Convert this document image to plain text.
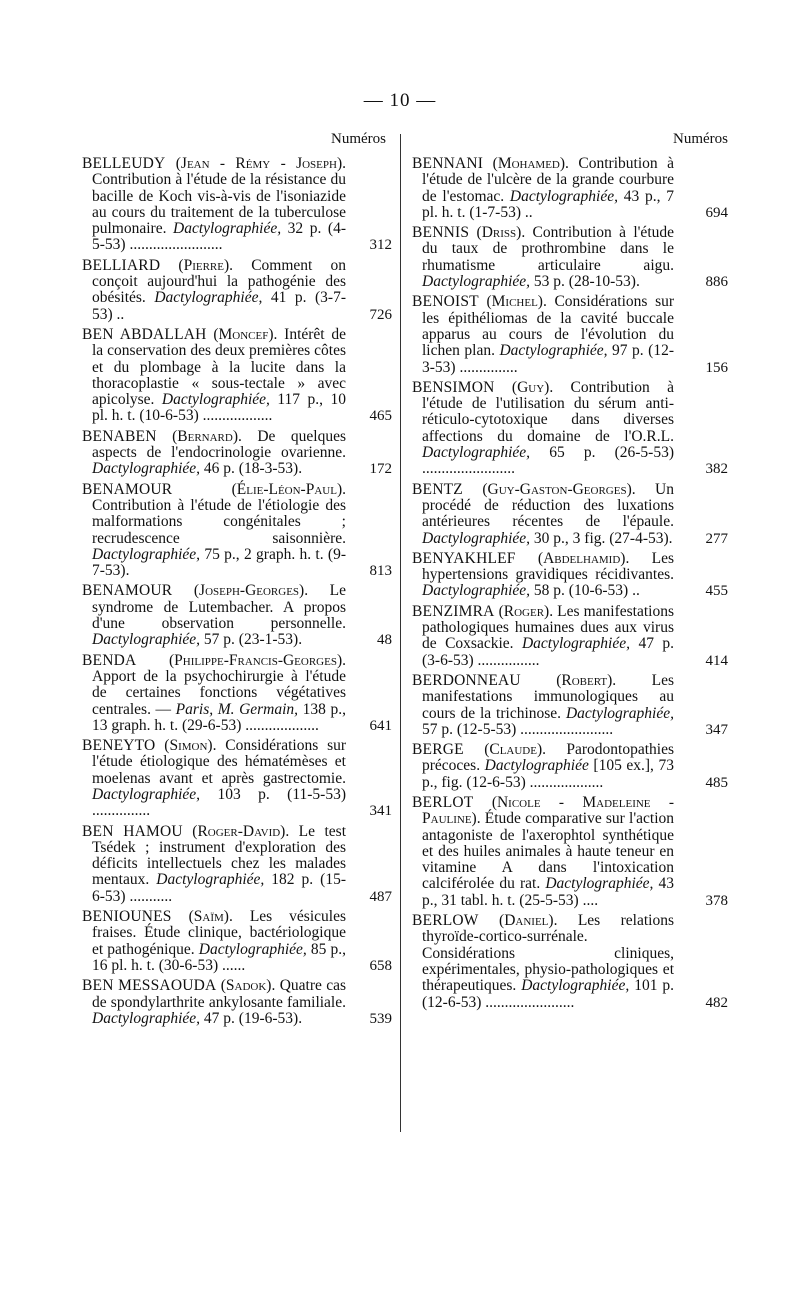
— 10 —
Numéros
BELLEUDY (Jean - Rémy - Joseph). Contribution à l'étude de la résistance du bacille de Koch vis-à-vis de l'isoniazide au cours du traitement de la tuberculose pulmonaire. Dactylographiée, 32 p. (4-5-53) ........................	312
BELLIARD (Pierre). Comment on conçoit aujourd'hui la pathogénie des obésités. Dactylographiée, 41 p. (3-7-53) ..	726
BEN ABDALLAH (Moncef). Intérêt de la conservation des deux premières côtes et du plombage à la lucite dans la thoracoplastie « sous-tectale » avec apicolyse. Dactylographiée, 117 p., 10 pl. h. t. (10-6-53) ..................	465
BENABEN (Bernard). De quelques aspects de l'endocrinologie ovarienne. Dactylographiée, 46 p. (18-3-53).	172
BENAMOUR	(Élie-Léon-Paul). Contribution à l'étude de l'étiologie des malformations congénitales ; recrudescence saisonnière. Dactylographiée, 75 p., 2 graph. h. t. (9-7-53).	813
BENAMOUR (Joseph-Georges). Le syndrome de Lutembacher. A propos d'une observation personnelle. Dactylographiée, 57 p. (23-1-53).	48
BENDA (Philippe-Francis-Georges). Apport de la psychochirurgie à l'étude de certaines fonctions végétatives centrales. — Paris, M. Germain, 138 p., 13 graph. h. t. (29-6-53) ...................	641
BENEYTO (Simon). Considérations sur l'étude étiologique des hématémèses et moelenas avant et après gastrectomie. Dactylographiée, 103 p. (11-5-53) ...............	341
BEN HAMOU (Roger-David). Le test Tsédek ; instrument d'exploration des déficits intellectuels chez les malades mentaux. Dactylographiée, 182 p. (15-6-53) ...........	487
BENIOUNES (Saïm). Les vésicules fraises. Étude clinique, bactériologique et pathogénique. Dactylographiée, 85 p., 16 pl. h. t. (30-6-53) ......	658
BEN MESSAOUDA (Sadok). Quatre cas de spondylarthrite ankylosante familiale. Dactylographiée, 47 p. (19-6-53).	539
Numéros
BENNANI (Mohamed). Contribution à l'étude de l'ulcère de la grande courbure de l'estomac. Dactylographiée, 43 p., 7 pl. h. t. (1-7-53) ..	694
BENNIS (Driss). Contribution à l'étude du taux de prothrombine dans le rhumatisme articulaire aigu. Dactylographiée, 53 p. (28-10-53).	886
BENOIST (Michel). Considérations sur les épithéliomas de la cavité buccale apparus au cours de l'évolution du lichen plan. Dactylographiée, 97 p. (12-3-53) ...............	156
BENSIMON (Guy). Contribution à l'étude de l'utilisation du sérum anti-réticulo-cytotoxique dans diverses affections du domaine de l'O.R.L. Dactylographiée, 65 p. (26-5-53) ........................	382
BENTZ (Guy-Gaston-Georges). Un procédé de réduction des luxations antérieures récentes de l'épaule. Dactylographiée, 30 p., 3 fig. (27-4-53). 277
BENYAKHLEF (Abdelhamid). Les hypertensions gravidiques récidivantes. Dactylographiée, 58 p. (10-6-53) ..	455
BENZIMRA (Roger). Les manifestations pathologiques humaines dues aux virus de Coxsackie. Dactylographiée, 47 p. (3-6-53) ................	414
BERDONNEAU (Robert). Les manifestations immunologiques au cours de la trichinose. Dactylographiée, 57 p. (12-5-53) ........................	347
BERGE (Claude). Parodontopathies précoces. Dactylographiée [105 ex.], 73 p., fig. (12-6-53) ...................	485
BERLOT (Nicole - Madeleine - Pauline). Étude comparative sur l'action antagoniste de l'axerophtol synthétique et des huiles animales à haute teneur en vitamine A dans l'intoxication calciférolée du rat. Dactylographiée, 43 p., 31 tabl. h. t. (25-5-53) ....	378
BERLOW (Daniel). Les relations thyroïde-cortico-surrénale. Considérations cliniques, expérimentales, physio-pathologiques et thérapeutiques. Dactylographiée, 101 p. (12-6-53) .......................	482
